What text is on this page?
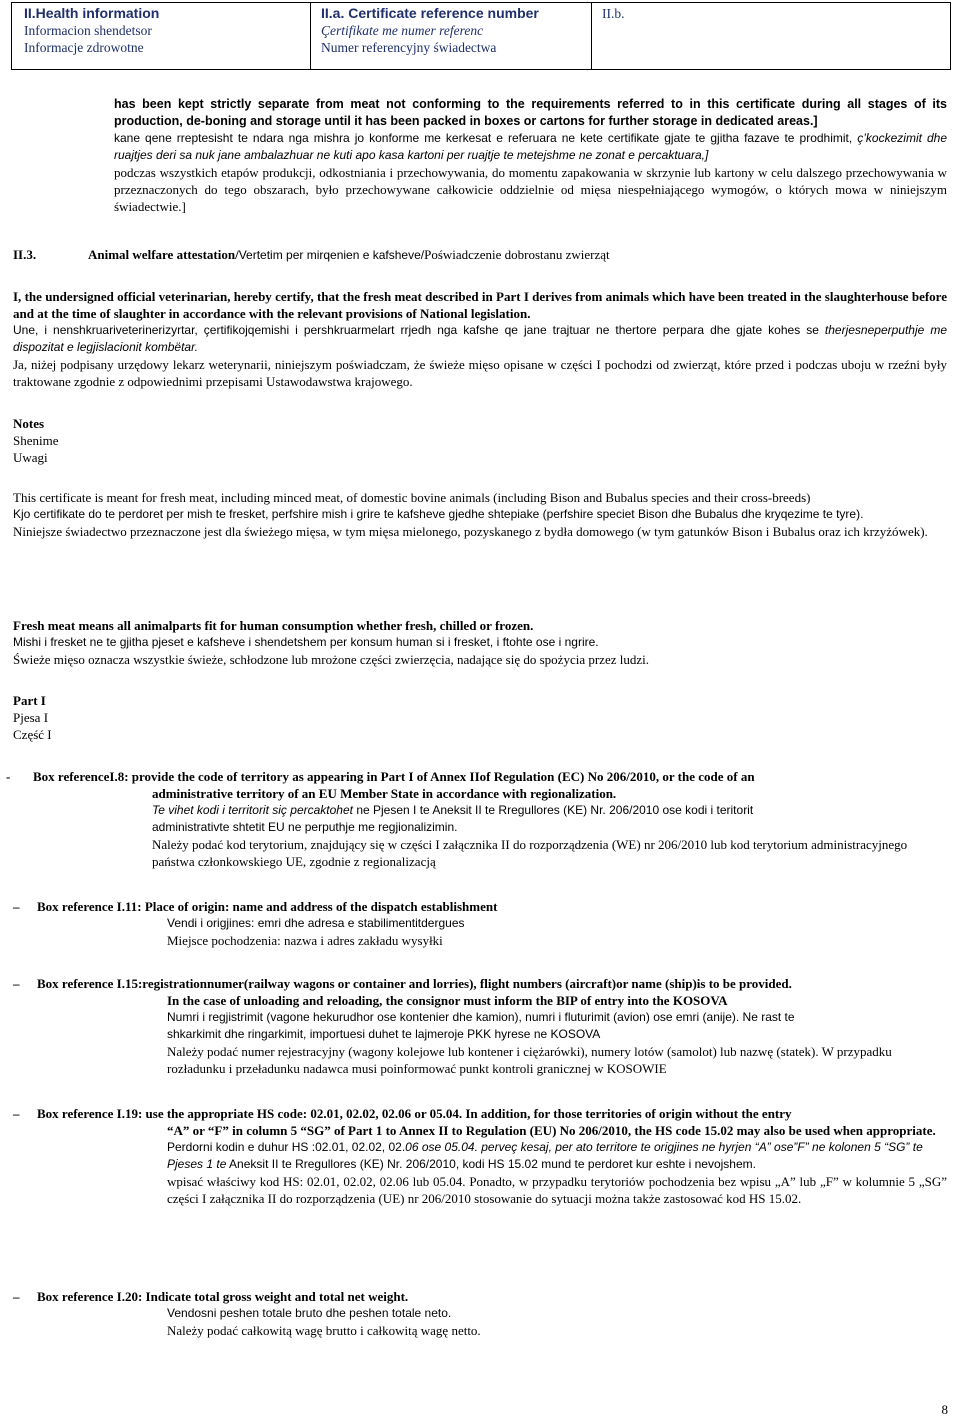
II.Health information
Informacion shendetsor
Informacje zdrowotne
II.a. Certificate reference number
Çertifikate me numer referenc
Numer referencyjny świadectwa
II.b.

has been kept strictly separate from meat not conforming to the requirements referred to in this certificate during all stages of its production, de-boning and storage until it has been packed in boxes or cartons for further storage in dedicated areas.]

kane qene rreptesisht te ndara nga mishra jo konforme me kerkesat e referuara ne kete certifikate gjate te gjitha fazave te prodhimit, ç’kockezimit dhe ruajtjes deri sa nuk jane ambalazhuar ne kuti apo kasa kartoni per ruajtje te metejshme ne zonat e percaktuara,]

podczas wszystkich etapów produkcji, odkostniania i przechowywania, do momentu zapakowania w skrzynie lub kartony w celu dalszego przechowywania w przeznaczonych do tego obszarach, było przechowywane całkowicie oddzielnie od mięsa niespełniającego wymogów, o których mowa w niniejszym świadectwie.]

II.3.	Animal welfare attestation/Vertetim per mirqenien e kafsheve/Poświadczenie dobrostanu zwierząt

I, the undersigned official veterinarian, hereby certify, that the fresh meat described in Part I derives from animals which have been treated in the slaughterhouse before and at the time of slaughter in accordance with the relevant provisions of National legislation.

Une, i nenshkruariveterinerizyrtar, çertifikojqemishi i pershkruarmelart rrjedh nga kafshe qe jane trajtuar ne thertore perpara dhe gjate kohes se therjesneperputhje me dispozitat e legjislacionit kombëtar.

Ja, niżej podpisany urzędowy lekarz weterynarii, niniejszym poświadczam, że świeże mięso opisane w części I pochodzi od zwierząt, które przed i podczas uboju w rzeźni były traktowane zgodnie z odpowiednimi przepisami Ustawodawstwa krajowego.

Notes

Shenime

Uwagi

This certificate is meant for fresh meat, including minced meat, of domestic bovine animals (including Bison and Bubalus species and their cross-breeds)

Kjo certifikate do te perdoret per mish te fresket, perfshire mish i grire te kafsheve gjedhe shtepiake (perfshire speciet Bison dhe Bubalus dhe kryqezime te tyre).

Niniejsze świadectwo przeznaczone jest dla świeżego mięsa, w tym mięsa mielonego, pozyskanego z bydła domowego (w tym gatunków Bison i Bubalus oraz ich krzyżówek).

Fresh meat means all animalparts fit for human consumption whether fresh, chilled or frozen.

Mishi i fresket ne te gjitha pjeset e kafsheve i shendetshem per konsum human si i fresket, i ftohte ose i ngrire.

Świeże mięso oznacza wszystkie świeże, schłodzone lub mrożone części zwierzęcia, nadające się do spożycia przez ludzi.

Part I

Pjesa I

Część I

- Box referenceI.8: provide the code of territory as appearing in Part I of Annex IIof Regulation (EC) No 206/2010, or the code of an

administrative territory of an EU Member State in accordance with regionalization.

Te vihet kodi i territorit siç percaktohet ne Pjesen I te Aneksit II te Rregullores (KE) Nr. 206/2010 ose kodi i teritorit

administrativte shtetit EU ne perputhje me regjionalizimin.

Należy podać kod terytorium, znajdujący się w części I załącznika II do rozporządzenia (WE) nr 206/2010 lub kod terytorium administracyjnego państwa członkowskiego UE, zgodnie z regionalizacją

– Box reference I.11: Place of origin: name and address of the dispatch establishment

Vendi i origjines: emri dhe adresa e stabilimentitdergues

Miejsce pochodzenia: nazwa i adres zakładu wysyłki

– Box reference I.15:registrationnumer(railway wagons or container and lorries), flight numbers (aircraft)or name (ship)is to be provided.

In the case of unloading and reloading, the consignor must inform the BIP of entry into the KOSOVA

Numri i regjistrimit (vagone hekurudhor ose kontenier dhe kamion), numri i fluturimit (avion) ose emri (anije). Ne rast te

shkarkimit dhe ringarkimit, importuesi duhet te lajmeroje PKK hyrese ne KOSOVA

Należy podać numer rejestracyjny (wagony kolejowe lub kontener i ciężarówki), numery lotów (samolot) lub nazwę (statek). W przypadku rozładunku i przeładunku nadawca musi poinformować punkt kontroli granicznej w KOSOWIE

– Box reference I.19: use the appropriate HS code: 02.01, 02.02, 02.06 or 05.04. In addition, for those territories of origin without the entry

“A” or “F” in column 5 “SG” of Part 1 to Annex II to Regulation (EU) No 206/2010, the HS code 15.02 may also be used when appropriate.

Perdorni kodin e duhur HS :02.01, 02.02, 02.06 ose 05.04. perveç kesaj, per ato territore te origjines ne hyrjen “A” ose”F” ne kolonen 5 “SG” te Pjeses 1 te Aneksit II te Rregullores (KE) Nr. 206/2010, kodi HS 15.02 mund te perdoret kur eshte i nevojshem.

wpisać właściwy kod HS: 02.01, 02.02, 02.06 lub 05.04. Ponadto, w przypadku terytoriów pochodzenia bez wpisu „A” lub „F” w kolumnie 5 „SG” części I załącznika II do rozporządzenia (UE) nr 206/2010 stosowanie do sytuacji można także zastosować kod HS 15.02.

– Box reference I.20: Indicate total gross weight and total net weight.

Vendosni peshen totale bruto dhe peshen totale neto.

Należy podać całkowitą wagę brutto i całkowitą wagę netto.

8
